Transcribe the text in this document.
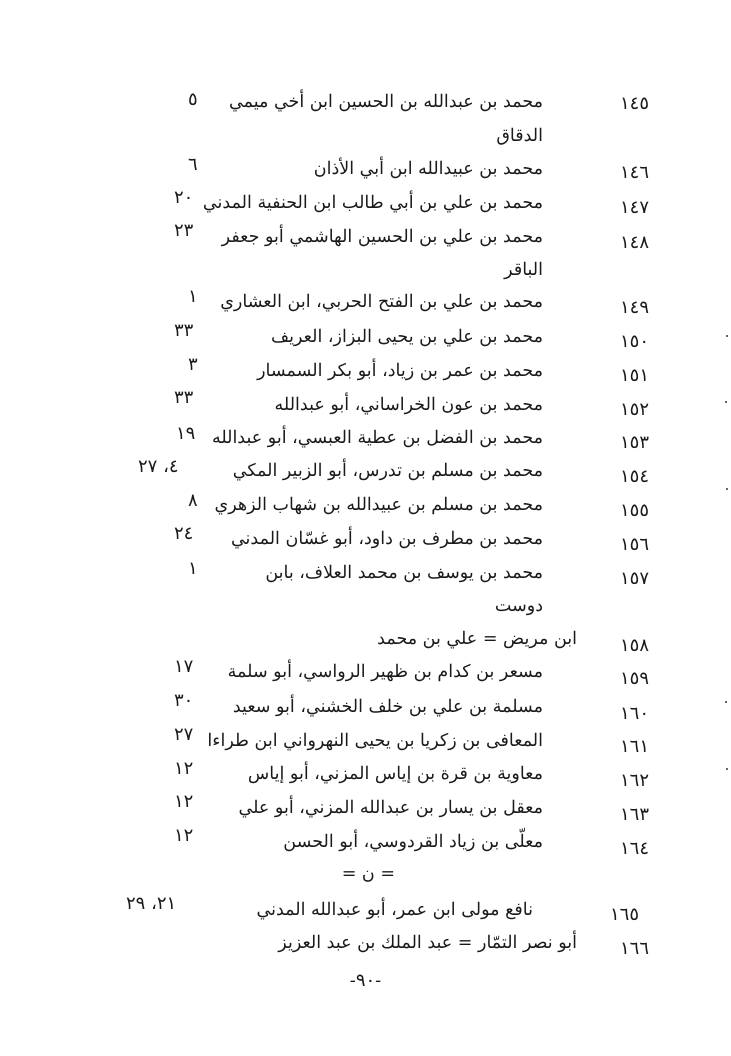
١٤٥
محمد بن عبدالله بن الحسين ابن أخي ميمي
٥
الدقاق
١٤٦
محمد بن عبيدالله ابن أبي الأذان
٦
١٤٧
محمد بن علي بن أبي طالب ابن الحنفية المدني
٢٠
١٤٨
محمد بن علي بن الحسين الهاشمي أبو جعفر
٢٣
الباقر
١٤٩
محمد بن علي بن الفتح الحربي، ابن العشاري
١
١٥٠
محمد بن علي بن يحيى البزاز، العريف
٣٣
١٥١
محمد بن عمر بن زياد، أبو بكر السمسار
٣
١٥٢
محمد بن عون الخراساني، أبو عبدالله
٣٣
١٥٣
محمد بن الفضل بن عطية العبسي، أبو عبدالله
١٩
١٥٤
محمد بن مسلم بن تدرس، أبو الزبير المكي
٤، ٢٧
١٥٥
محمد بن مسلم بن عبيدالله بن شهاب الزهري
٨
١٥٦
محمد بن مطرف بن داود، أبو غسّان المدني
٢٤
١٥٧
محمد بن يوسف بن محمد العلاف، بابن
١
دوست
١٥٨
ابن مريض = علي بن محمد
١٥٩
مسعر بن كدام بن ظهير الرواسي، أبو سلمة
١٧
١٦٠
مسلمة بن علي بن خلف الخشني، أبو سعيد
٣٠
١٦١
المعافى بن زكريا بن يحيى النهرواني ابن طراءا
٢٧
١٦٢
معاوية بن قرة بن إياس المزني، أبو إياس
١٢
١٦٣
معقل بن يسار بن عبدالله المزني، أبو علي
١٢
١٦٤
معلّى بن زياد القردوسي، أبو الحسن
١٢
= ن =
١٦٥
نافع مولى ابن عمر، أبو عبدالله المدني
٢١، ٢٩
١٦٦
أبو نصر التمّار = عبد الملك بن عبد العزيز
-٩٠-
